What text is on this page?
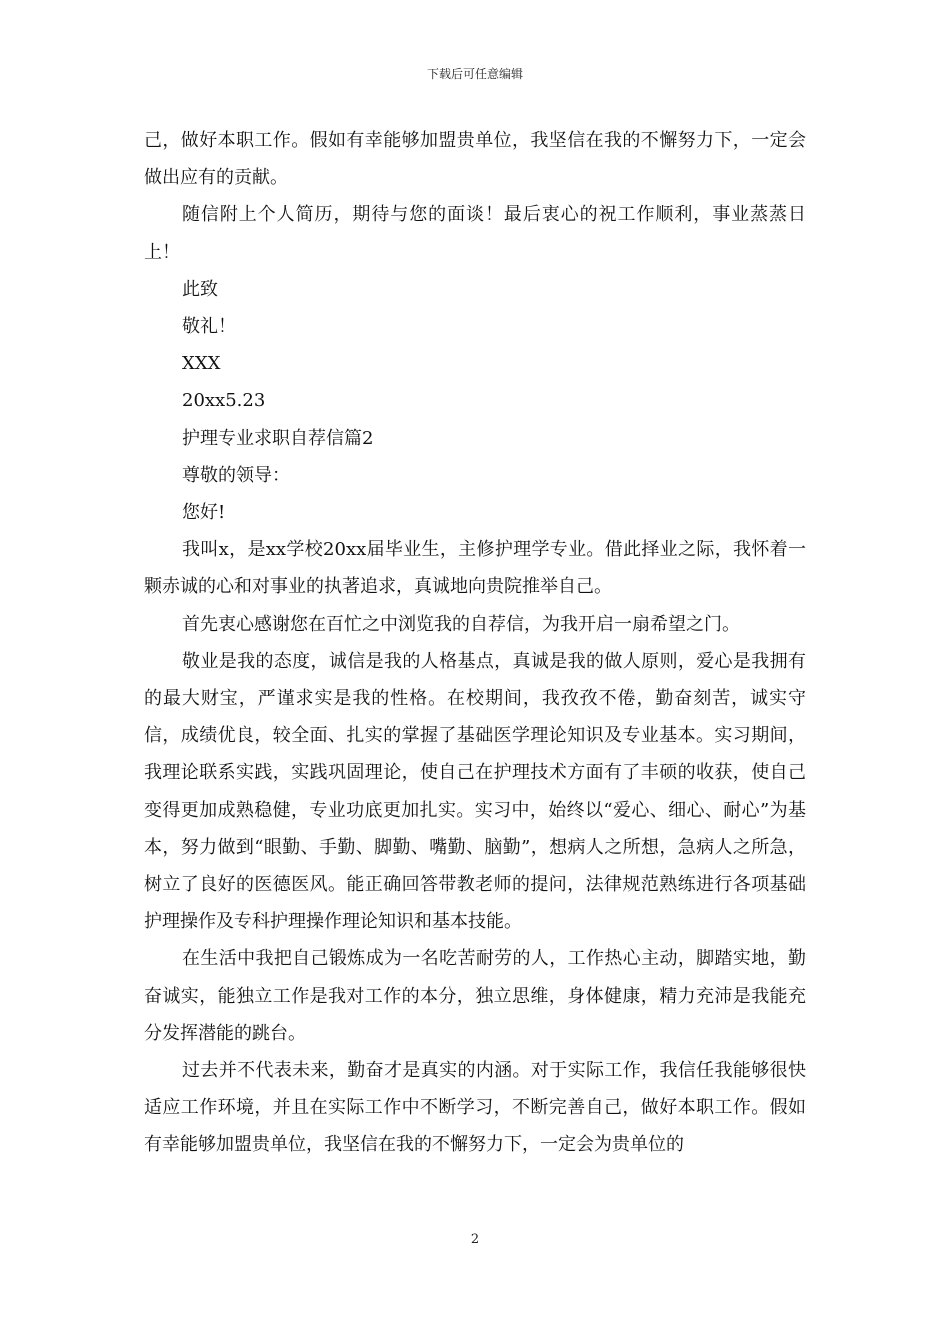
下载后可任意编辑

己，做好本职工作。假如有幸能够加盟贵单位，我坚信在我的不懈努力下，一定会做出应有的贡献。

随信附上个人简历，期待与您的面谈！最后衷心的祝工作顺利，事业蒸蒸日上！

此致

敬礼！

XXX

20xx5.23

护理专业求职自荐信篇2

尊敬的领导：

您好!

我叫x，是xx学校20xx届毕业生，主修护理学专业。借此择业之际，我怀着一颗赤诚的心和对事业的执著追求，真诚地向贵院推举自己。

首先衷心感谢您在百忙之中浏览我的自荐信，为我开启一扇希望之门。

敬业是我的态度，诚信是我的人格基点，真诚是我的做人原则，爱心是我拥有的最大财宝，严谨求实是我的性格。在校期间，我孜孜不倦，勤奋刻苦，诚实守信，成绩优良，较全面、扎实的掌握了基础医学理论知识及专业基本。实习期间，我理论联系实践，实践巩固理论，使自己在护理技术方面有了丰硕的收获，使自己变得更加成熟稳健，专业功底更加扎实。实习中，始终以“爱心、细心、耐心”为基本，努力做到“眼勤、手勤、脚勤、嘴勤、脑勤”，想病人之所想，急病人之所急，树立了良好的医德医风。能正确回答带教老师的提问，法律规范熟练进行各项基础护理操作及专科护理操作理论知识和基本技能。

在生活中我把自己锻炼成为一名吃苦耐劳的人，工作热心主动，脚踏实地，勤奋诚实，能独立工作是我对工作的本分，独立思维，身体健康，精力充沛是我能充分发挥潜能的跳台。

过去并不代表未来，勤奋才是真实的内涵。对于实际工作，我信任我能够很快适应工作环境，并且在实际工作中不断学习，不断完善自己，做好本职工作。假如有幸能够加盟贵单位，我坚信在我的不懈努力下，一定会为贵单位的

2
